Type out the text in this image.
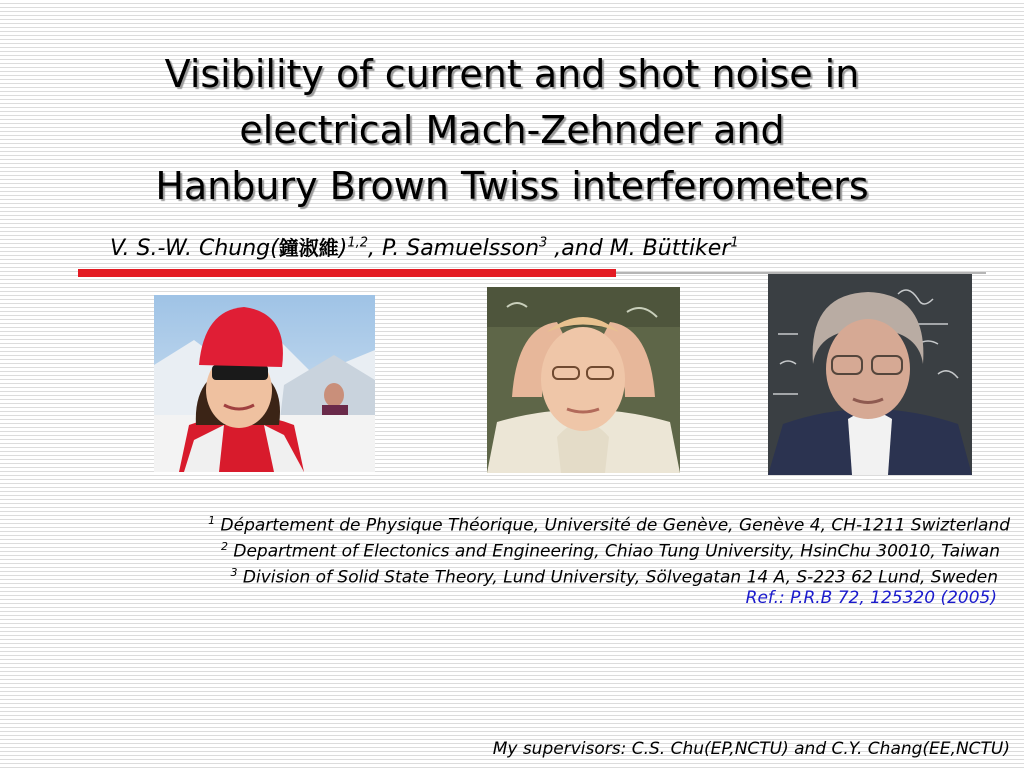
Visibility of current and shot noise in
electrical Mach-Zehnder and
Hanbury Brown Twiss interferometers
V. S.-W. Chung(鐘淑維)$^{1,2}$, P. Samuelsson$^3$ ,and M. Büttiker$^1$
$^1$ Département de Physique Théorique, Université de Genève, Genève 4, CH-1211 Swizterland
$^2$ Department of Electonics and Engineering, Chiao Tung University, HsinChu 30010, Taiwan
$^3$ Division of Solid State Theory, Lund University, Sölvegatan 14 A, S-223 62 Lund, Sweden
Ref.: P.R.B 72, 125320 (2005)
My supervisors: C.S. Chu(EP,NCTU) and C.Y. Chang(EE,NCTU)
